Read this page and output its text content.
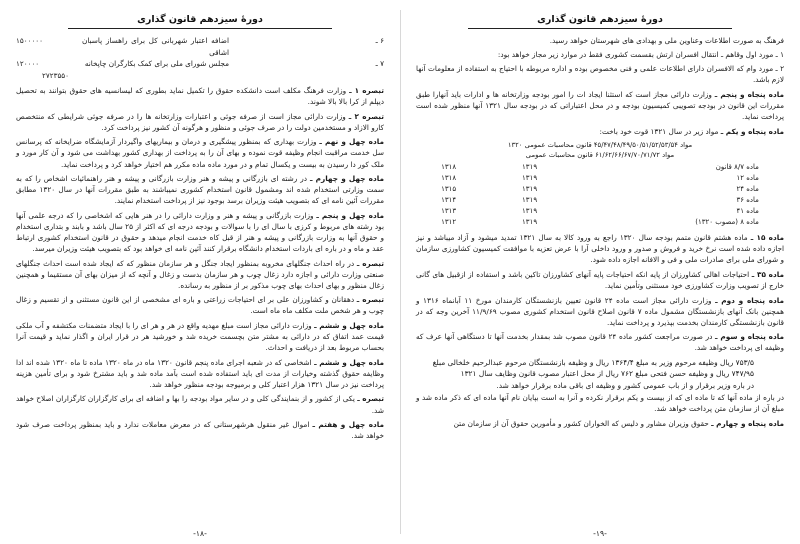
دورهٔ سیزدهم قانون گذاری

فرهنگ به صورت اطلاعات وعناوین ملی و بهدادی های شهرستان خواهد رسید.

۱ ـ مورد اول وقاهم ـ انتقال افسران ارتش بقسمت کشوری فقط در موارد زیر مجاز خواهد بود:

۲ ـ مورد وام که الافسران دارای اطلاعات علمی و فنی مخصوص بوده و اداره مربوطه با احتیاج به استفاده از معلومات آنها لازم باشد.

ماده پنجاه و پنجم ـ وزارت دارائی مجاز است که استثنا ایجاد ات را امور بودجه وزارتخانه ها و ادارات باید آنهارا طبق مقررات این قانون در بودجه تصویبی کمیسیون بودجه و در محل اعتباراتی که در بودجه سال ۱۳۲۱ آنها منظور شده است پرداخت نماید.

ماده پنجاه و یکم ـ مواد زیر در سال ۱۳۲۱ قوت خود باخت:

مواد ۴۵/۴۷/۴۸/۴۹/۵۰/۵۱/۵۲/۵۳/۵۴ قانون محاسبات عمومی ۱۳۲۰
مواد ۶۱/۶۲/۶۶/۶۷/۷۰/۷۱/۷۲ قانون محاسبات عمومی
ماده ۸/۷ قانون	۱۳۱۹	۱۳۱۸
ماده ۱۲	۱۳۱۹	۱۳۱۸
ماده ۲۴	۱۳۱۹	۱۳۱۵
ماده ۳۶	۱۳۱۹	۱۳۱۴
ماده ۴۱	۱۳۱۹	۱۳۱۳
ماده ۸ (مصوب ۱۳۲۰)	۱۳۱۹	۱۳۱۲

ماده ۱۵ ـ ماده هشتم قانون متمم بودجه سال ۱۳۲۰ راجع به ورود کالا به سال ۱۳۲۱ تمدید میشود و آزاد میباشد و نیز اجازه داده شده است نرخ خرید و فروش و صدور و ورود داخلی آرا با عرض تعزیه با موافقت کمیسیون کشاورزی سازمان و شورای ملی برای صادرات ملی و فی و الافانه اجازه داده شود.

ماده ۳۵ ـ احتیاجات اهالی کشاورزان از پایه انکه احتیاجات پایه آنهای کشاورزان تاکین باشد و استفاده از ازقبیل های گانی خارج از تصویب وزارت کشاورزی خود مستثنی وتأمین نماید.

ماده پنجاه و دوم ـ وزارت دارائی مجاز است ماده ۲۴ قانون تعیین بازنشستگان کارمندان مورخ ۱۱ آبانماه ۱۳۱۶ و همچنین بانک آنهای بازنشستگان مشمول ماده ۷ قانون اصلاح قانون استخدام کشوری مصوب ۱۱/۹/۶۹ آخرین وجه که در قانون بازنشستگی کارمندان بخدمت بپذیرد و پرداخت نماید.

ماده پنجاه و سوم ـ در صورت مراجعت کشور ماده ۲۴ قانون مصوب شد بمقدار بخدمت آنها تا دستگاهی آنها عرف که وظیفه ای پرداخت خواهد شد.

۷۵۳/۵ ریال وظیفه مرحوم وزیر به مبلغ ۱۳۶۴/۴ ریال و وظیفه بازنشستگان مرحوم عبدالرحیم خلخالی مبلغ
۷۴۷/۹۵ ریال و وظیفه حسن فتحی مبلغ ۷۶۲ ریال از محل اعتبار مصوب قانون وظایف سال ۱۳۲۱
در باره وزیر برقرار و از باب عمومی کشور و وظیفه ای باقی ماده برقرار خواهد شد.

در باره از ماده آنها که تا ماده ای که از بیست و یکم برقرار نکرده و آنرا به است بپایان نام آنها ماده ای که ذکر ماده شد و مبلغ آن از سازمان متن پرداخت خواهد شد.

ماده پنجاه و چهارم ـ حقوق وزیران مشاور و دلیس که الخواران کشور و مأمورین حقوق آن از سازمان متن

-۱۹-
دورهٔ سیزدهم قانون گذاری
۶ ـ
اضافه اعتبار شهربانی کل برای راهساز پاسبان اشاقی
۱۵۰۰۰۰۰
۷ ـ
مجلس شورای ملی برای کمک بکارگران چاپخانه
۱۲۰۰۰۰
۲۷۲۳۵۵۰

تبصره ۱ ـ وزارت فرهنگ مکلف است دانشکده حقوق را تکمیل نماید بطوری که لیسانسیه های حقوق بتوانند به تحصیل دیپلم از کرا بالا بالا شوند.

تبصره ۲ ـ وزارت دارائی مجاز است از صرفه جوئی و اعتبارات وزارتخانه ها را در صرفه جوئی شرایطی که منتخصص کارو الازاد و مستخدمین دولت را در صرف جوئی و منظور و هرگونه آن کشور نیز پرداخت کرد.

ماده چهل و نهم ـ وزارت بهداری که بمنظور پیشگیری و درمان و بیماریهای واگیردار آزمایشگاه ضرایخانه که پرسانس سل خدمت مراقبت انجام وظیفه قوت نموده و بهای آن را به پرداخت از بهداری کشور بهداشت می شود و آن کار مورد و ملک کور دا رسیدن به بیست و یکسال تمام و در مورد ماده ماده مکرر هم اختیار خواهد کرد و پرداخت نماید.

ماده چهل و چهارم ـ در رشته ای بازرگانی و پیشه و هنر وزارت بازرگانی و پیشه و هنر راهنمائیات اشخاص را که به سمت وزارتی استخدام شده اند ومشمول قانون استخدام کشوری نمیباشند به طبق مقررات آنها در سال ۱۳۲۰ مطابق مقررات آئین نامه ای که بتصویب هیئت وزیران برسد بوجود نیز از پرداخت استخدام نمایند.

ماده چهل و پنجم ـ وزارت بازرگانی و پیشه و هنر و وزارت دارائی را در هنر هایی که اشخاصی را که درجه علمی آنها بود رشته های مربوط و کرزی با سال ای را با سوالات و بودجه درجه ای که اکثر از ۲۵ سال باشد و بابند و بتداری استخدام و حقوق آنها به وزارت بازرگانی و پیشه و هنر از قبل کاه خدمت انجام میدهد و حقوق در قانون استخدام کشوری ارتباط عقد و ماه و در باره ای باردات استخدام دانشگاه برقرار کنند آئین نامه ای خواهد بود که بتصویب هیئت وزیران میرسد.

تبصره ـ در راه احداث جنگلهای مخروبه بمنظور ایجاد جنگل و هر سازمان منظور که که ایجاد شده است احداث جنگلهای صنعتی وزارت دارائی و اجازه دارد زغال چوب و هر سازمان بدست و زغال و آنچه که از میزان بهای آن مستقیما و همچنین زغال منظور و بهای احداث بهای چوب مذکور بر از منظور به رسانده.

تبصره ـ دهقانان و کشاورزان علی بر ای احتیاجات زراعتی و باره ای مشخصی از این قانون مستثنی و از تقسیم و زغال چوب و هر شخص ملت مکلف ماه ماه است.

ماده چهل و ششم ـ وزارت دارائی مجاز است مبلغ مهدیه واقع در هر و هر ای را با ایجاد متضمنات مکتشفه و آب ملکی قیمت عمد اتفاق که در دارائی به مشتر متن بچسمت خریده شد و خورشید هر در قرار ایران و اگذار نماید و قیمت آنرا بحساب مربوط بعد از دریافت و احداث.

ماده چهل و ششم ـ اشخاصی که در شعبه اجرای ماده پنجم قانون ۱۳۲۰ ماه در ماه ۱۳۲۰ ماده تا ماه ۱۳۲۰ شده اند ادا وظایفه حقوق گذشته وخیارات از مدت ای باید استفاده شده است بآمد ماده شد و باید مشترخ شود و برای تأمین هزینه پرداخت نیز در سال ۱۳۲۱ هزار اعتبار کلی و برمیوجه بودجه منظور خواهد شد.

تبصره ـ یکی از کشور و از بنمایندگی کلی و در سایر مواد بودجه را بها و اضافه ای برای کارگزاران کارگزاران اصلاح خواهد شد.

ماده چهل و هفتم ـ اموال غیر منقول هرشهرستانی که در معرض معاملات ندارد و باید بمنظور پرداخت صرف شود خواهد شد.

-۱۸-
